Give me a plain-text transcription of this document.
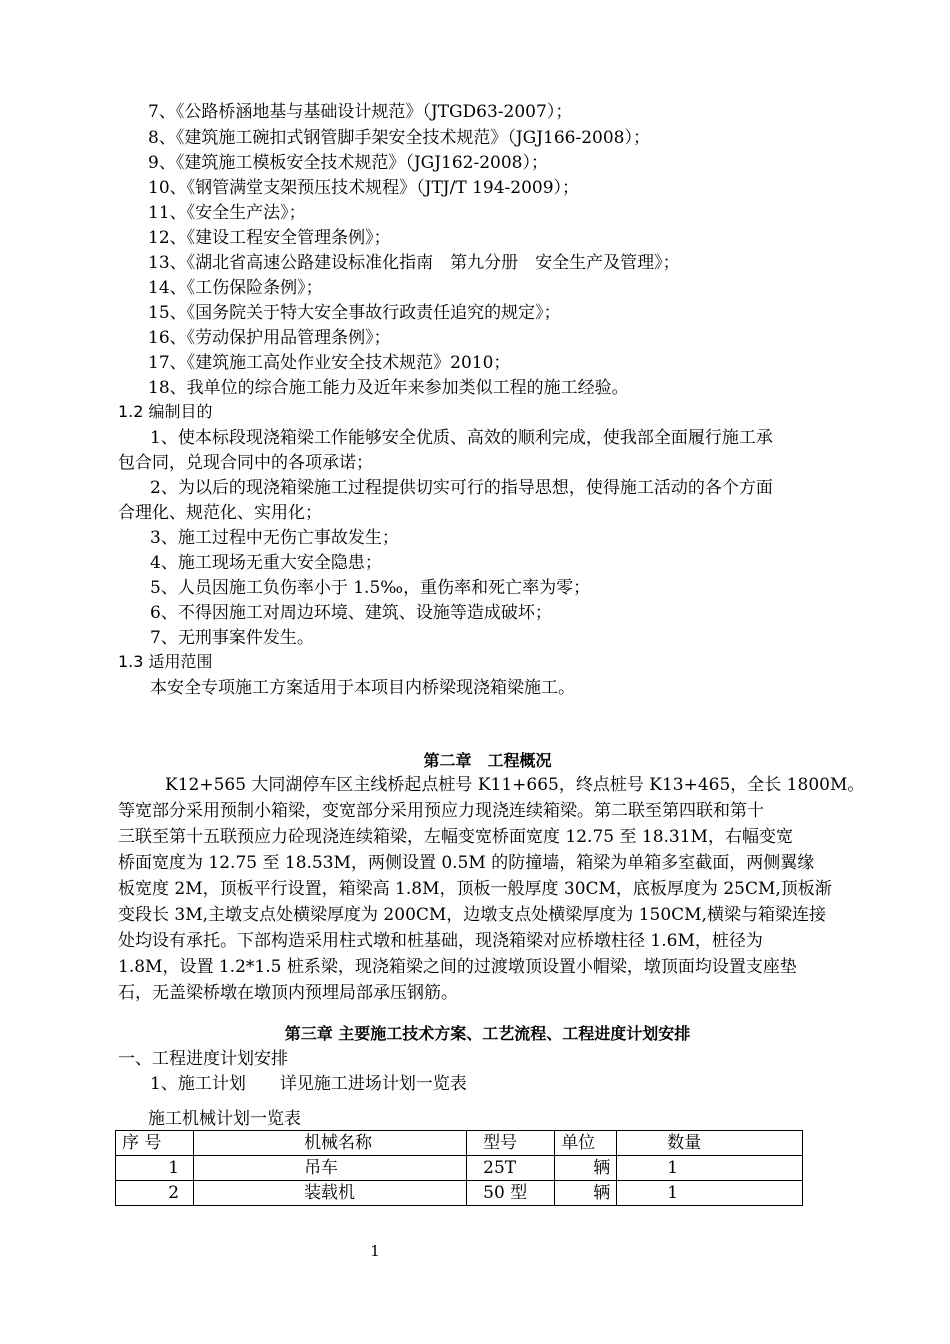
7、《公路桥涵地基与基础设计规范》（JTGD63-2007）；
8、《建筑施工碗扣式钢管脚手架安全技术规范》（JGJ166-2008）；
9、《建筑施工模板安全技术规范》（JGJ162-2008）；
10、《钢管满堂支架预压技术规程》（JTJ/T 194-2009）；
11、《安全生产法》；
12、《建设工程安全管理条例》；
13、《湖北省高速公路建设标准化指南　第九分册　安全生产及管理》；
14、《工伤保险条例》；
15、《国务院关于特大安全事故行政责任追究的规定》；
16、《劳动保护用品管理条例》；
17、《建筑施工高处作业安全技术规范》2010；
18、我单位的综合施工能力及近年来参加类似工程的施工经验。
1.2 编制目的
1、使本标段现浇箱梁工作能够安全优质、高效的顺利完成，使我部全面履行施工承
包合同，兑现合同中的各项承诺；
2、为以后的现浇箱梁施工过程提供切实可行的指导思想，使得施工活动的各个方面
合理化、规范化、实用化；
3、施工过程中无伤亡事故发生；
4、施工现场无重大安全隐患；
5、人员因施工负伤率小于 1.5‰，重伤率和死亡率为零；
6、不得因施工对周边环境、建筑、设施等造成破坏；
7、无刑事案件发生。
1.3 适用范围
本安全专项施工方案适用于本项目内桥梁现浇箱梁施工。
第二章　工程概况
　K12+565 大同湖停车区主线桥起点桩号 K11+665，终点桩号 K13+465，全长 1800M。
等宽部分采用预制小箱梁，变宽部分采用预应力现浇连续箱梁。第二联至第四联和第十
三联至第十五联预应力砼现浇连续箱梁，左幅变宽桥面宽度 12.75 至 18.31M，右幅变宽
桥面宽度为 12.75 至 18.53M，两侧设置 0.5M 的防撞墙，箱梁为单箱多室截面，两侧翼缘
板宽度 2M，顶板平行设置，箱梁高 1.8M，顶板一般厚度 30CM，底板厚度为 25CM,顶板渐
变段长 3M,主墩支点处横梁厚度为 200CM，边墩支点处横梁厚度为 150CM,横梁与箱梁连接
处均设有承托。下部构造采用柱式墩和桩基础，现浇箱梁对应桥墩柱径 1.6M，桩径为
1.8M，设置 1.2*1.5 桩系梁，现浇箱梁之间的过渡墩顶设置小帽梁，墩顶面均设置支座垫
石，无盖梁桥墩在墩顶内预埋局部承压钢筋。
第三章 主要施工技术方案、工艺流程、工程进度计划安排
一、工程进度计划安排
1、施工计划　　详见施工进场计划一览表
施工机械计划一览表
序 号	机械名称	型号	单位	数量
1	吊车	25T	辆	1
2	装载机	50 型	辆	1
1
